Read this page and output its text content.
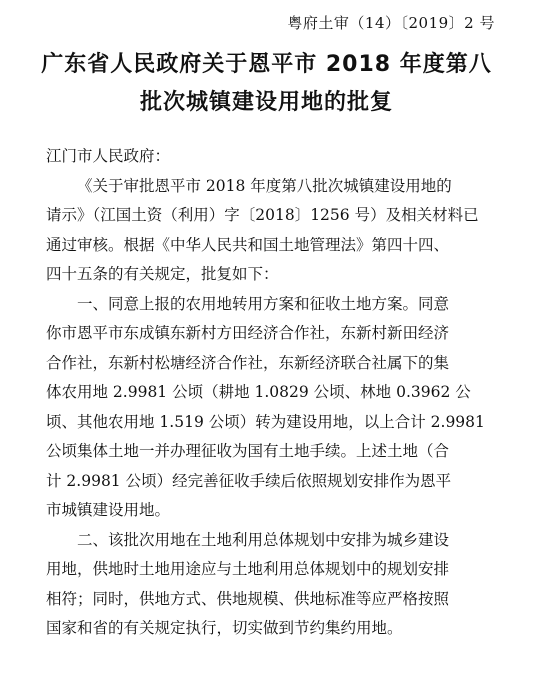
粤府土审（14）〔2019〕2 号
广东省人民政府关于恩平市 2018 年度第八
批次城镇建设用地的批复

江门市人民政府：

《关于审批恩平市 2018 年度第八批次城镇建设用地的
请示》（江国土资（利用）字〔2018〕1256 号）及相关材料已
通过审核。根据《中华人民共和国土地管理法》第四十四、
四十五条的有关规定，批复如下：

一、同意上报的农用地转用方案和征收土地方案。同意
你市恩平市东成镇东新村方田经济合作社，东新村新田经济
合作社，东新村松塘经济合作社，东新经济联合社属下的集
体农用地 2.9981 公顷（耕地 1.0829 公顷、林地 0.3962 公
顷、其他农用地 1.519 公顷）转为建设用地，以上合计 2.9981
公顷集体土地一并办理征收为国有土地手续。上述土地（合
计 2.9981 公顷）经完善征收手续后依照规划安排作为恩平
市城镇建设用地。

二、该批次用地在土地利用总体规划中安排为城乡建设
用地，供地时土地用途应与土地利用总体规划中的规划安排
相符；同时，供地方式、供地规模、供地标准等应严格按照
国家和省的有关规定执行，切实做到节约集约用地。
